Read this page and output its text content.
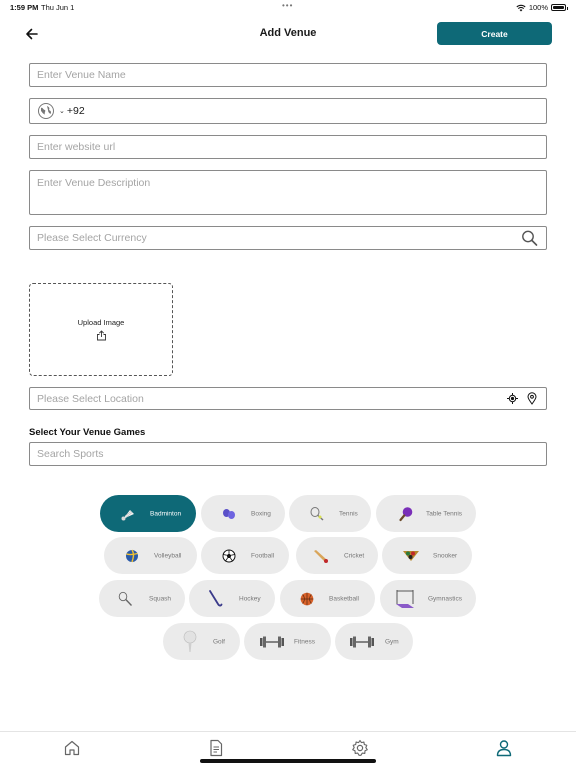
1:59 PM Thu Jun 1	•••	100%
Add Venue	Create
Enter Venue Name
⌄ +92
Enter website url
Enter Venue Description
Please Select Currency
Upload Image
Please Select Location
Select Your Venue Games
Search Sports
Badminton	Boxing	Tennis	Table Tennis
Volleyball	Football	Cricket	Snooker
Squash	Hockey	Basketball	Gymnastics
Golf	Fitness	Gym
